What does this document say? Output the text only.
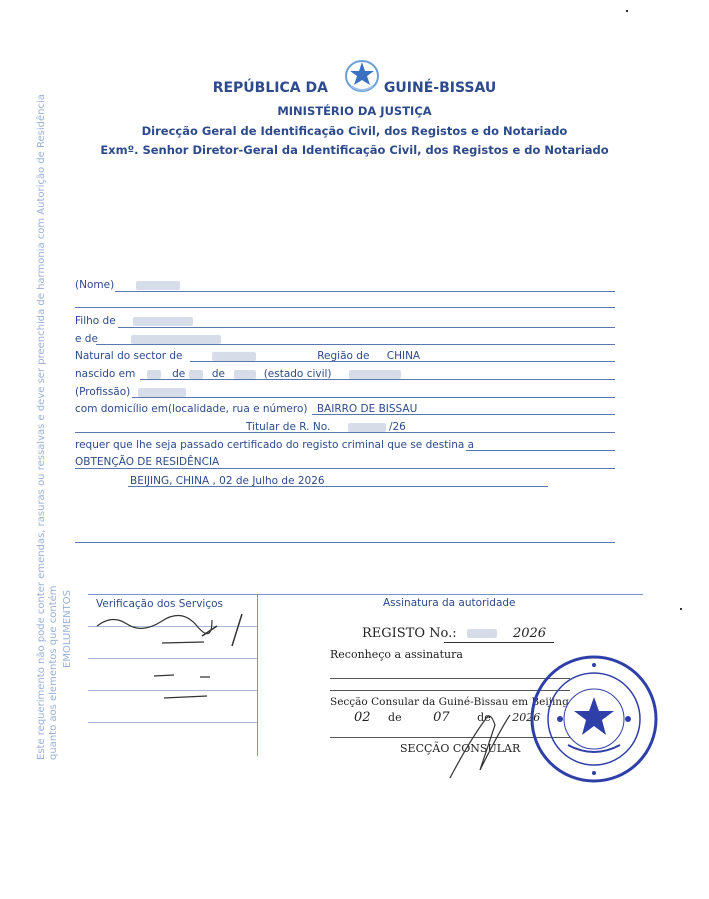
REPÚBLICA DA	GUINÉ-BISSAU
MINISTÉRIO DA JUSTIÇA
Direcção Geral de Identificação Civil, dos Registos e do Notariado
Exmº. Senhor Diretor-Geral da Identificação Civil, dos Registos e do Notariado
Este requerimento não pode conter emendas, rasuras ou ressalvas e deve ser preenchida de harmonia com Autorição de Residência quanto aos elementos que contém EMOLUMENTOS
(Nome)
Filho de
e de
Natural do sector de	Região de CHINA
nascido em	de	de	(estado civil)
(Profissão)
com domicílio em(localidade, rua e número) BAIRRO DE BISSAU
Titular de R. No.	/26
requer que lhe seja passado certificado do registo criminal que se destina a
OBTENÇÃO DE RESIDÊNCIA
BEIJING, CHINA , 02 de Julho de 2026
Verificação dos Serviços	Assinatura da autoridade
REGISTO No.:	2026
Reconheço a assinatura
Secção Consular da Guiné-Bissau em Beijing
02 de 07	de 2026
SECÇÃO CONSULAR
